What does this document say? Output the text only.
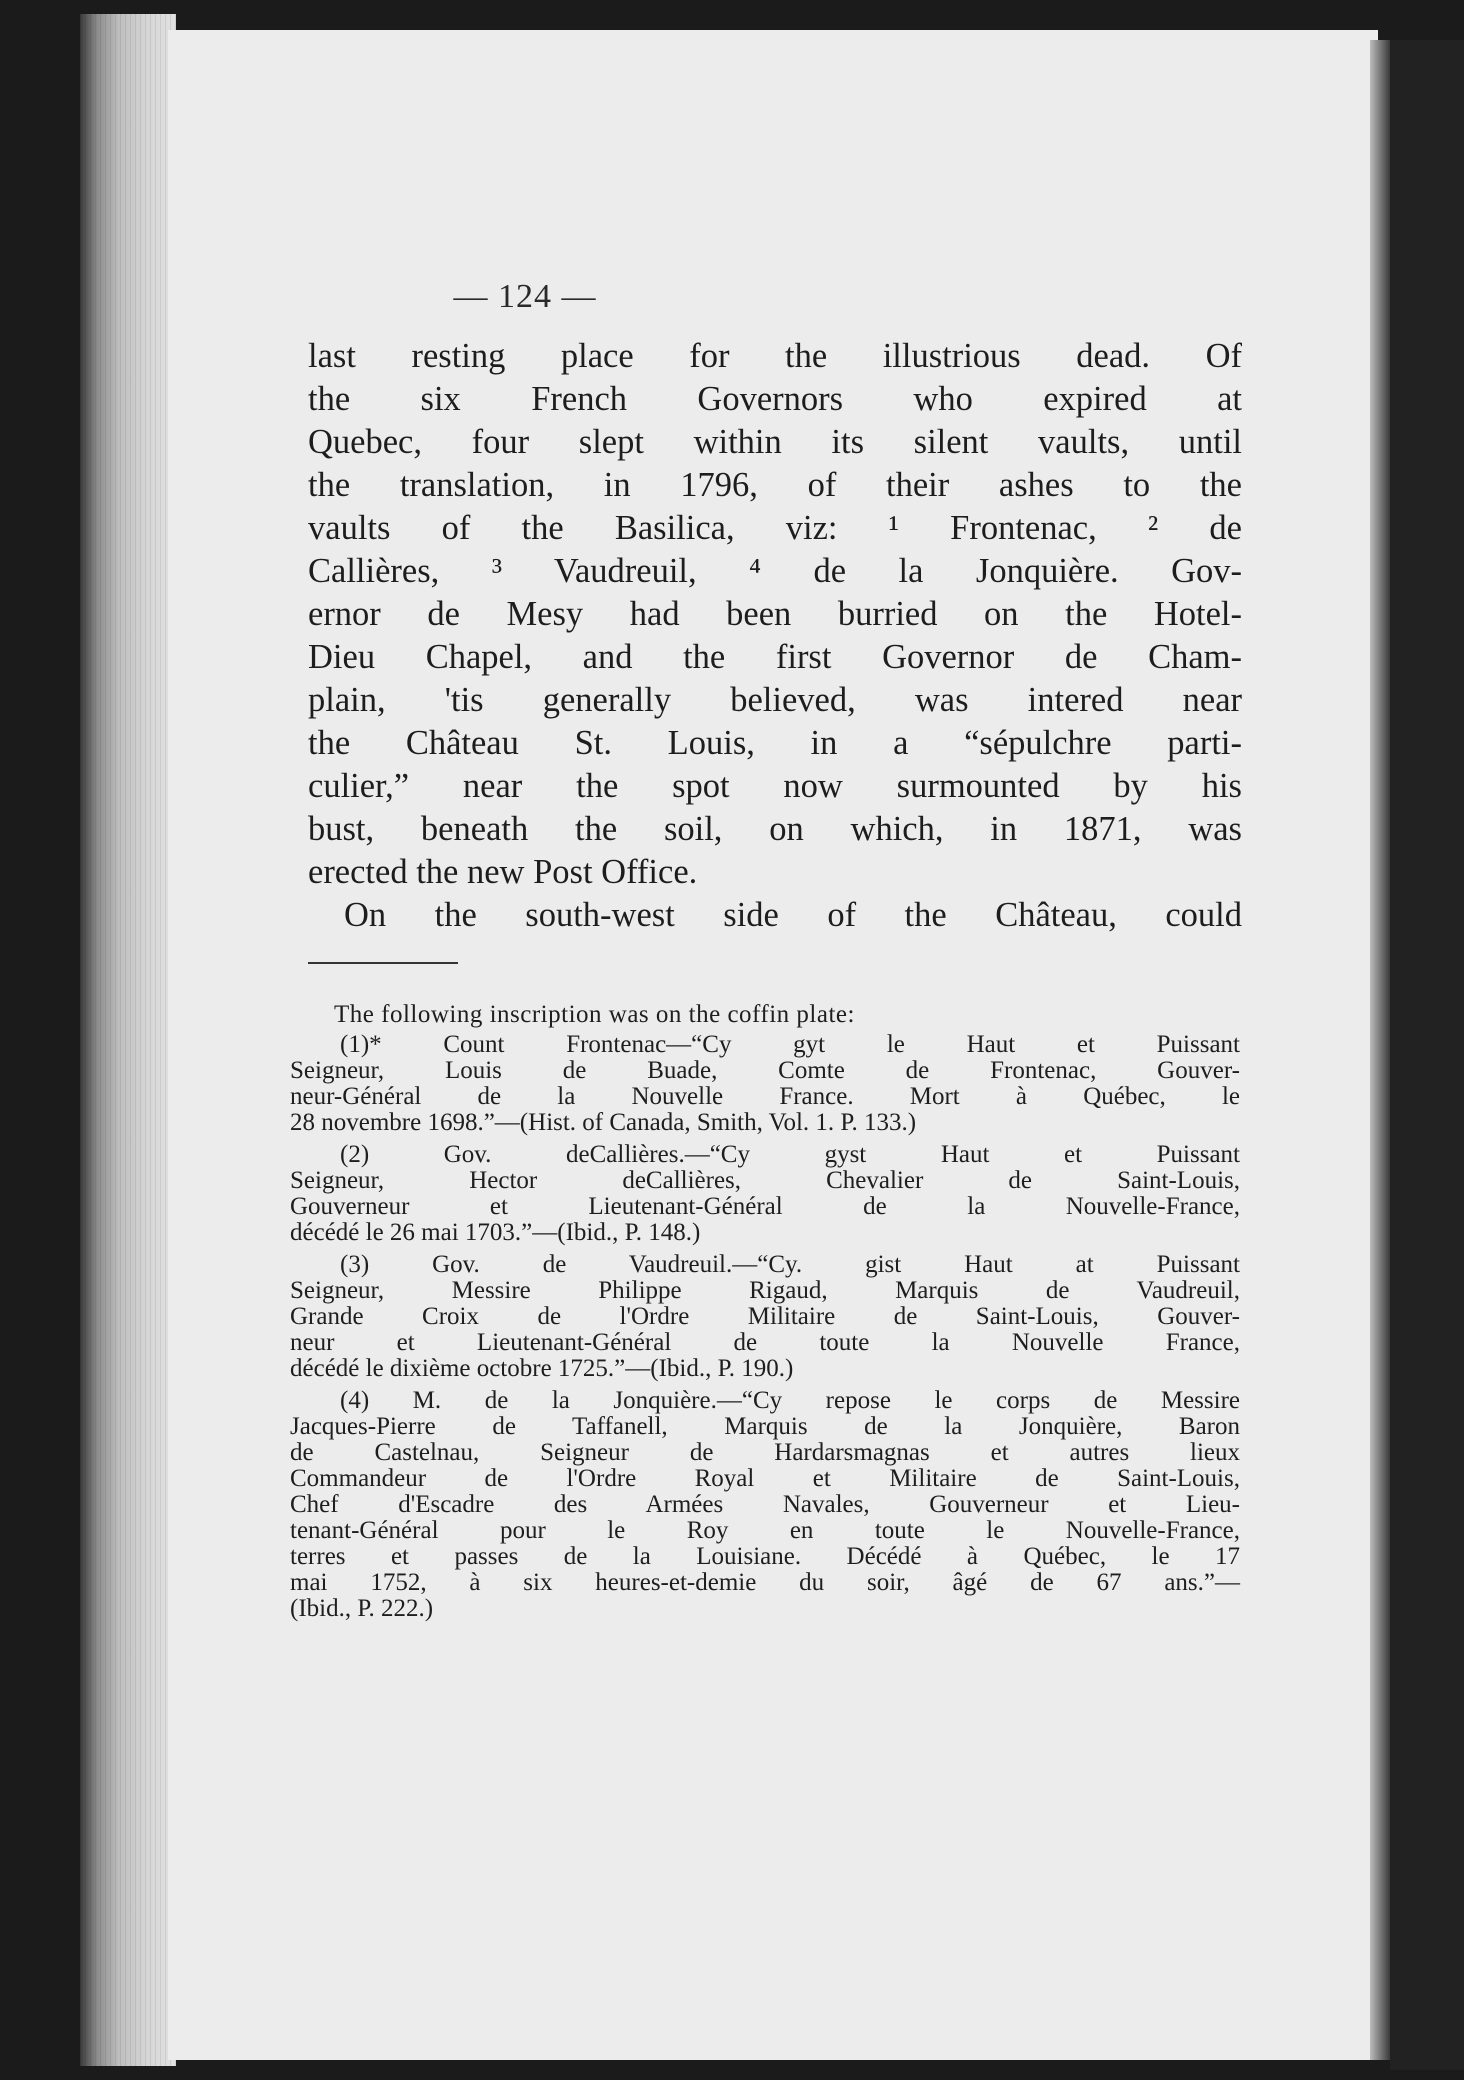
— 124 —
last resting place for the illustrious dead. Of
the six French Governors who expired at
Quebec, four slept within its silent vaults, until
the translation, in 1796, of their ashes to the
vaults of the Basilica, viz: ¹ Frontenac, ² de
Callières, ³ Vaudreuil, ⁴ de la Jonquière. Gov-
ernor de Mesy had been burried on the Hotel-
Dieu Chapel, and the first Governor de Cham-
plain, 'tis generally believed, was intered near
the Château St. Louis, in a “sépulchre parti-
culier,” near the spot now surmounted by his
bust, beneath the soil, on which, in 1871, was
erected the new Post Office.
On the south-west side of the Château, could
The following inscription was on the coffin plate:
(1)* Count Frontenac—“Cy gyt le Haut et Puissant
Seigneur, Louis de Buade, Comte de Frontenac, Gouver-
neur-Général de la Nouvelle France. Mort à Québec, le
28 novembre 1698.”—(Hist. of Canada, Smith, Vol. 1. P. 133.)
(2) Gov. deCallières.—“Cy gyst Haut et Puissant
Seigneur, Hector deCallières, Chevalier de Saint-Louis,
Gouverneur et Lieutenant-Général de la Nouvelle-France,
décédé le 26 mai 1703.”—(Ibid., P. 148.)
(3) Gov. de Vaudreuil.—“Cy. gist Haut at Puissant
Seigneur, Messire Philippe Rigaud, Marquis de Vaudreuil,
Grande Croix de l'Ordre Militaire de Saint-Louis, Gouver-
neur et Lieutenant-Général de toute la Nouvelle France,
décédé le dixième octobre 1725.”—(Ibid., P. 190.)
(4) M. de la Jonquière.—“Cy repose le corps de Messire
Jacques-Pierre de Taffanell, Marquis de la Jonquière, Baron
de Castelnau, Seigneur de Hardarsmagnas et autres lieux
Commandeur de l'Ordre Royal et Militaire de Saint-Louis,
Chef d'Escadre des Armées Navales, Gouverneur et Lieu-
tenant-Général pour le Roy en toute le Nouvelle-France,
terres et passes de la Louisiane. Décédé à Québec, le 17
mai 1752, à six heures-et-demie du soir, âgé de 67 ans.”—
(Ibid., P. 222.)
